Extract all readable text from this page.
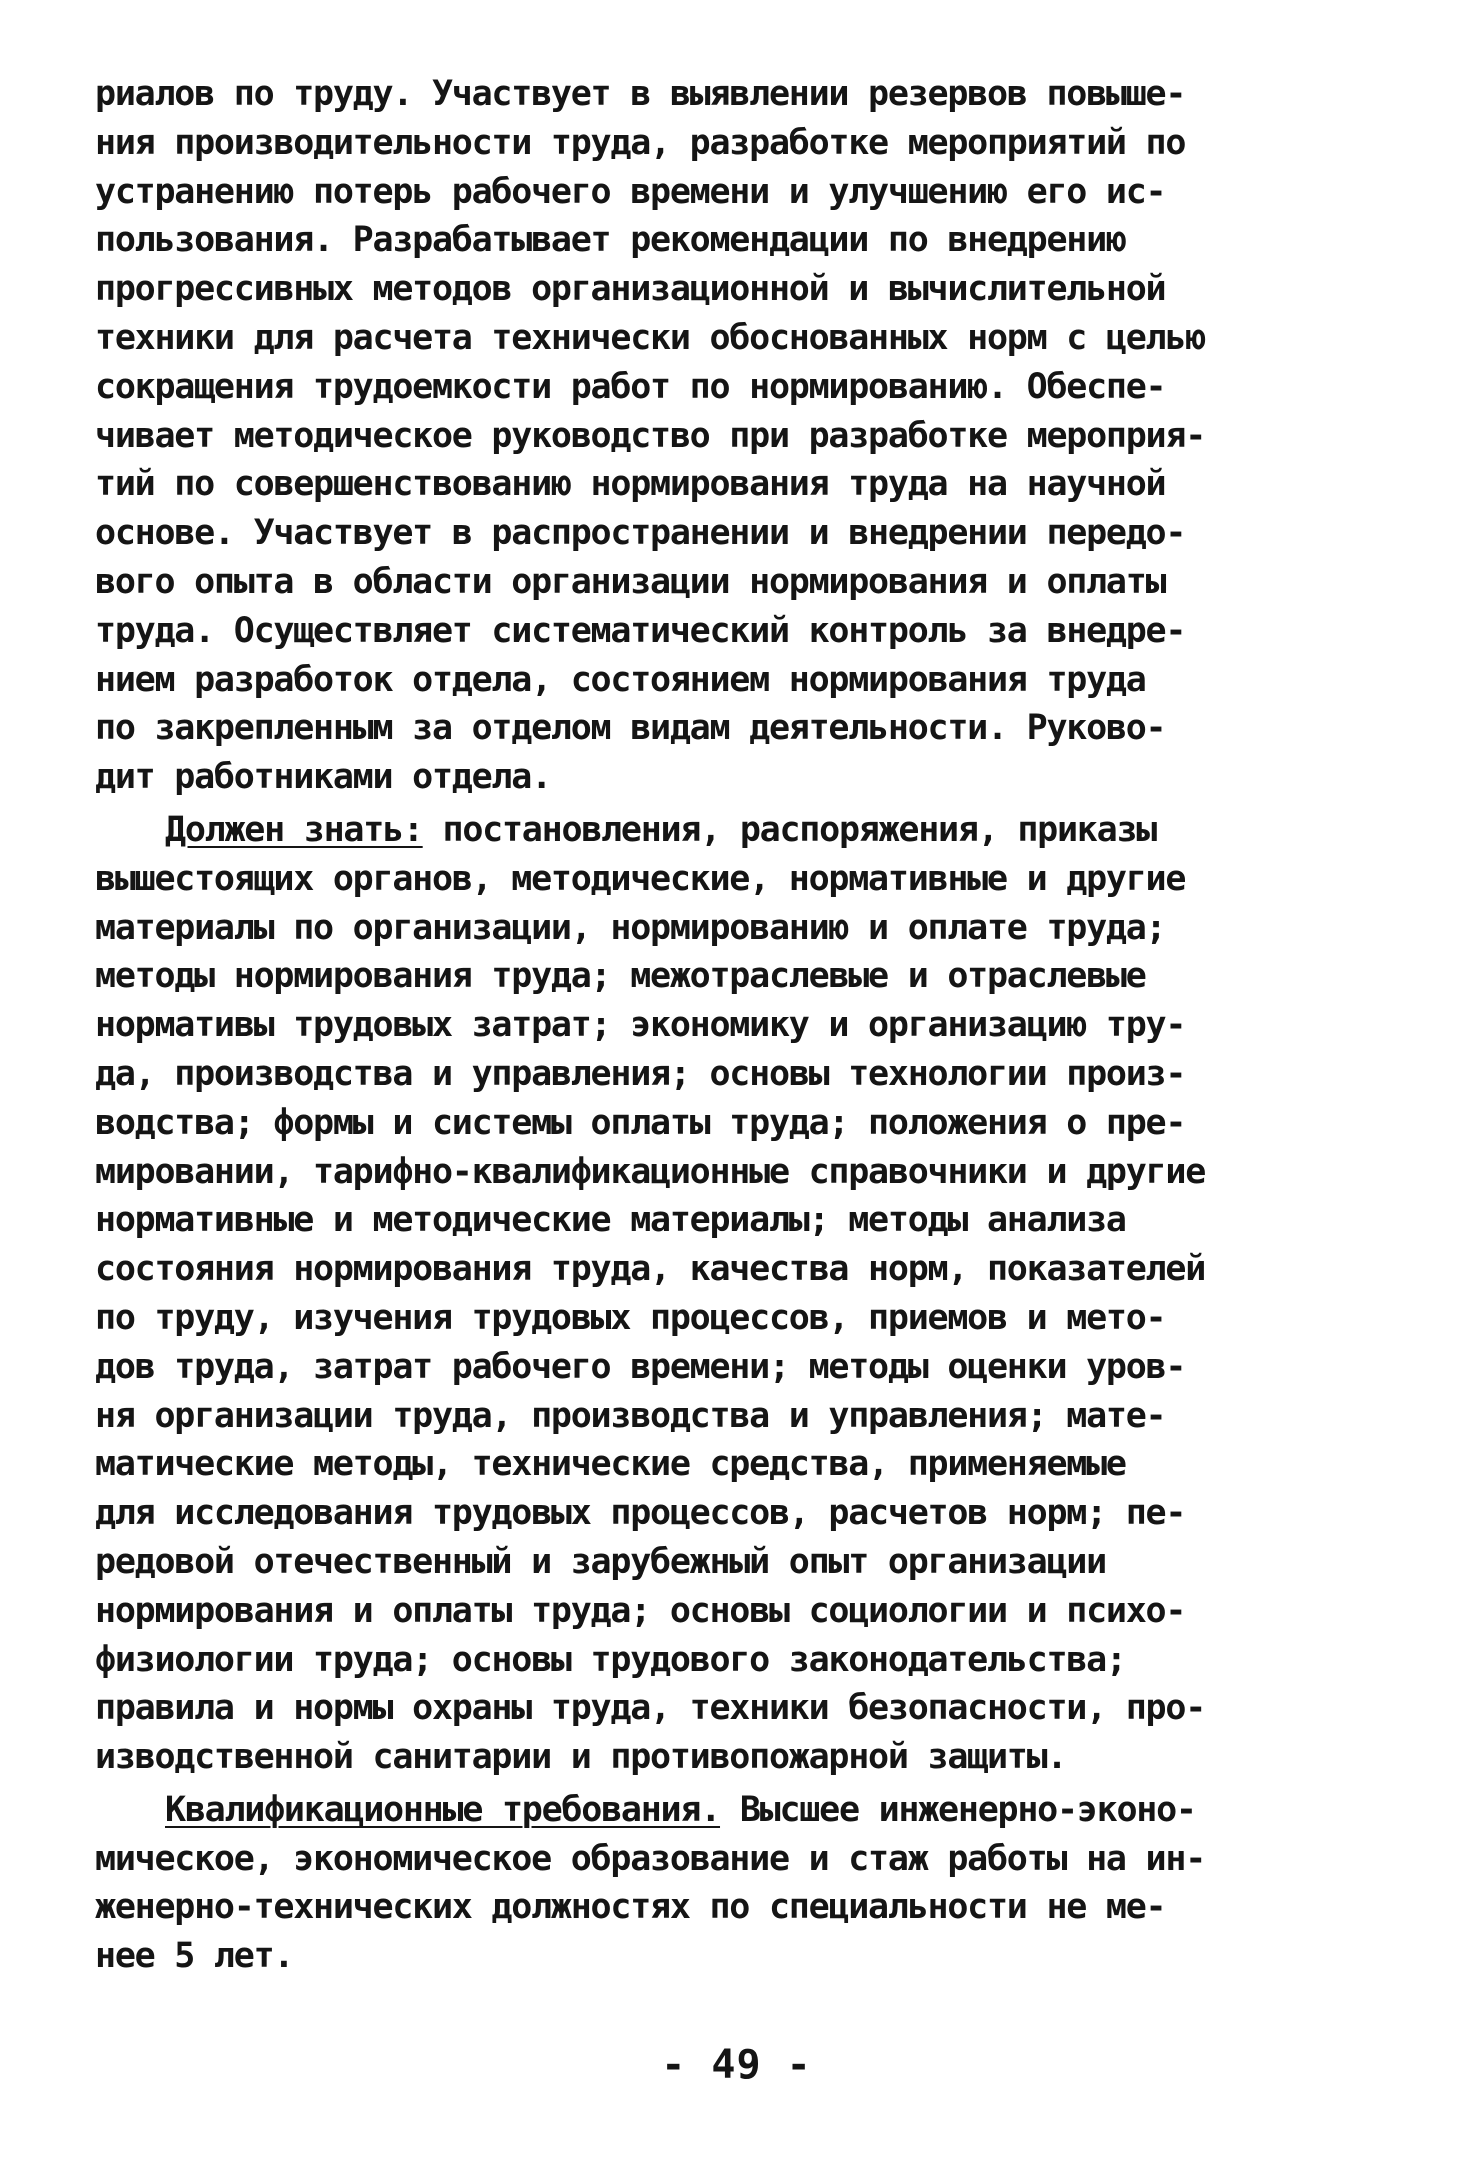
риалов по труду. Участвует в выявлении резервов повыше-
ния производительности труда, разработке мероприятий по
устранению потерь рабочего времени и улучшению его ис-
пользования. Разрабатывает рекомендации по внедрению
прогрессивных методов организационной и вычислительной
техники для расчета технически обоснованных норм с целью
сокращения трудоемкости работ по нормированию. Обеспе-
чивает методическое руководство при разработке мероприя-
тий по совершенствованию нормирования труда на научной
основе. Участвует в распространении и внедрении передо-
вого опыта в области организации нормирования и оплаты
труда. Осуществляет систематический контроль за внедре-
нием разработок отдела, состоянием нормирования труда
по закрепленным за отделом видам деятельности. Руково-
дит работниками отдела.
Должен знать: постановления, распоряжения, приказы
вышестоящих органов, методические, нормативные и другие
материалы по организации, нормированию и оплате труда;
методы нормирования труда; межотраслевые и отраслевые
нормативы трудовых затрат; экономику и организацию тру-
да, производства и управления; основы технологии произ-
водства; формы и системы оплаты труда; положения о пре-
мировании, тарифно-квалификационные справочники и другие
нормативные и методические материалы; методы анализа
состояния нормирования труда, качества норм, показателей
по труду, изучения трудовых процессов, приемов и мето-
дов труда, затрат рабочего времени; методы оценки уров-
ня организации труда, производства и управления; мате-
матические методы, технические средства, применяемые
для исследования трудовых процессов, расчетов норм; пе-
редовой отечественный и зарубежный опыт организации
нормирования и оплаты труда; основы социологии и психо-
физиологии труда; основы трудового законодательства;
правила и нормы охраны труда, техники безопасности, про-
изводственной санитарии и противопожарной защиты.
Квалификационные требования. Высшее инженерно-эконо-
мическое, экономическое образование и стаж работы на ин-
женерно-технических должностях по специальности не ме-
нее 5 лет.
- 49 -
